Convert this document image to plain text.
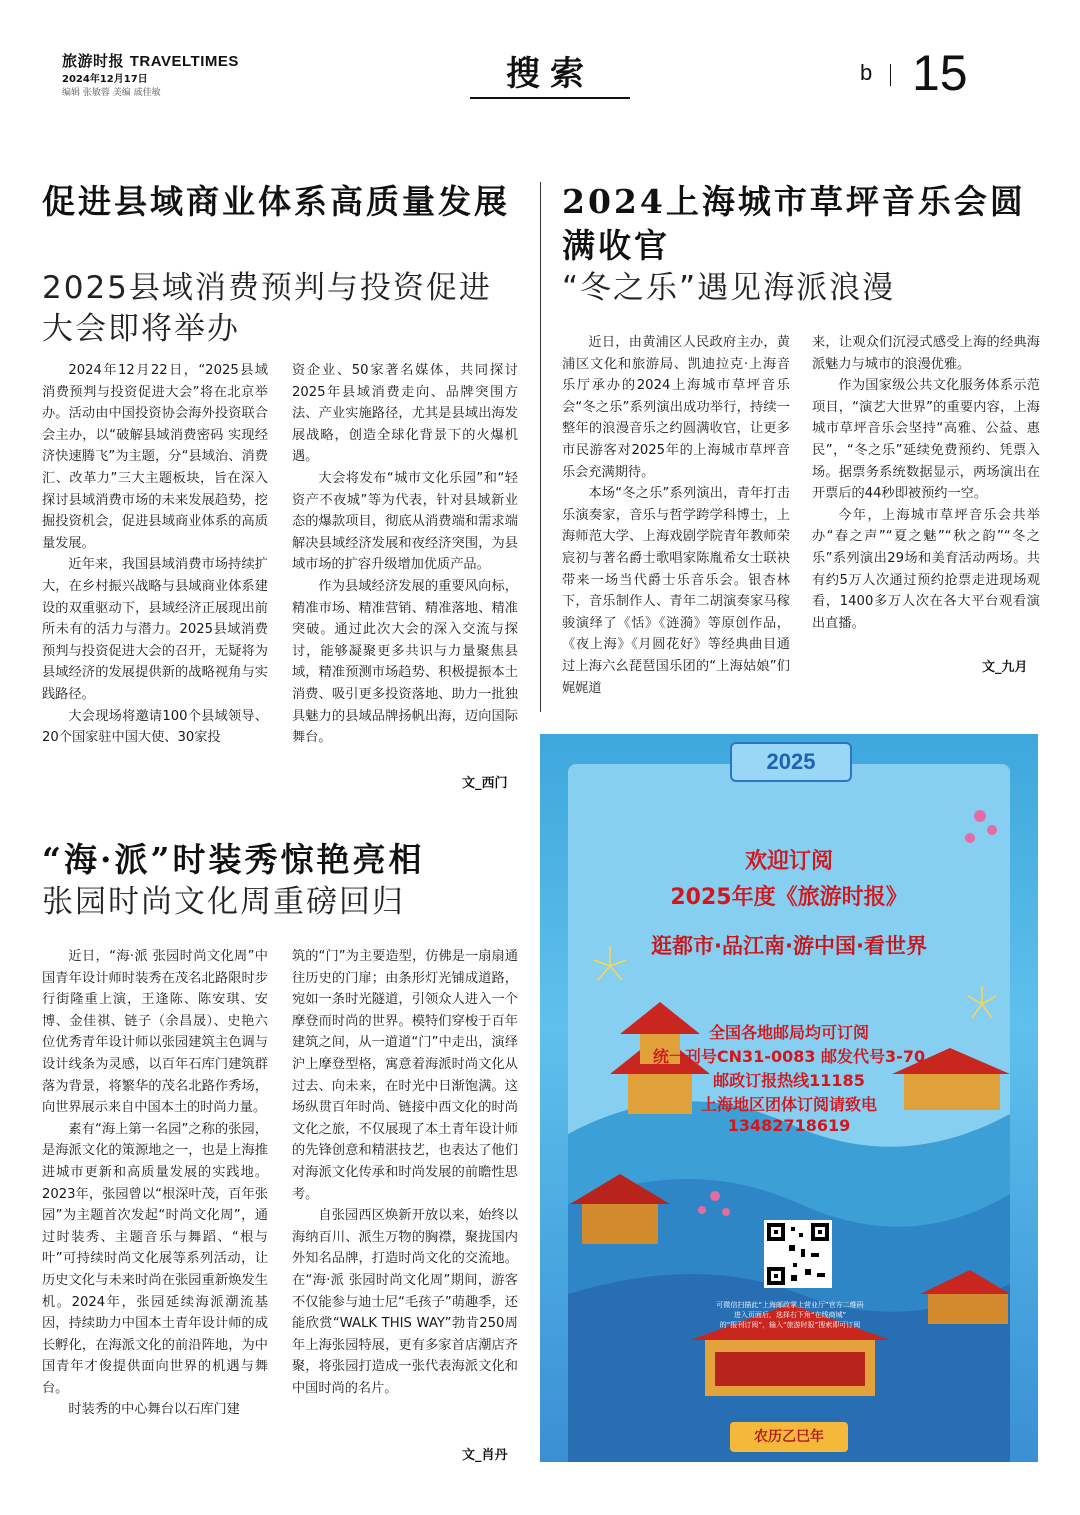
旅游时报 TRAVELTIMES
2024年12月17日
编辑 张敏蓉 美编 戚佳敏	搜索	b 15
促进县域商业体系高质量发展
2025县域消费预判与投资促进大会即将举办

2024年12月22日，“2025县域消费预判与投资促进大会”将在北京举办。活动由中国投资协会海外投资联合会主办，以“破解县域消费密码 实现经济快速腾飞”为主题，分“县域治、消费汇、改革力”三大主题板块，旨在深入探讨县域消费市场的未来发展趋势，挖掘投资机会，促进县域商业体系的高质量发展。

近年来，我国县域消费市场持续扩大，在乡村振兴战略与县域商业体系建设的双重驱动下，县域经济正展现出前所未有的活力与潜力。2025县域消费预判与投资促进大会的召开，无疑将为县域经济的发展提供新的战略视角与实践路径。

大会现场将邀请100个县域领导、20个国家驻中国大使、30家投

资企业、50家著名媒体，共同探讨2025年县域消费走向、品牌突围方法、产业实施路径，尤其是县域出海发展战略，创造全球化背景下的火爆机遇。

大会将发布“城市文化乐园”和“轻资产不夜城”等为代表，针对县域新业态的爆款项目，彻底从消费端和需求端解决县域经济发展和夜经济突围，为县域市场的扩容升级增加优质产品。

作为县域经济发展的重要风向标，精准市场、精准营销、精准落地、精准突破。通过此次大会的深入交流与探讨，能够凝聚更多共识与力量聚焦县域，精准预测市场趋势、积极提振本土消费、吸引更多投资落地、助力一批独具魅力的县域品牌扬帆出海，迈向国际舞台。

文_西门
2024上海城市草坪音乐会圆满收官
“冬之乐”遇见海派浪漫

近日，由黄浦区人民政府主办，黄浦区文化和旅游局、凯迪拉克·上海音乐厅承办的2024上海城市草坪音乐会“冬之乐”系列演出成功举行，持续一整年的浪漫音乐之约圆满收官，让更多市民游客对2025年的上海城市草坪音乐会充满期待。

本场“冬之乐”系列演出，青年打击乐演奏家，音乐与哲学跨学科博士，上海师范大学、上海戏剧学院青年教师荣宸初与著名爵士歌唱家陈胤希女士联袂带来一场当代爵士乐音乐会。银杏林下，音乐制作人、青年二胡演奏家马稼骏演绎了《恬》《涟漪》等原创作品，《夜上海》《月圆花好》等经典曲目通过上海六幺琵琶国乐团的“上海姑娘”们娓娓道

来，让观众们沉浸式感受上海的经典海派魅力与城市的浪漫优雅。

作为国家级公共文化服务体系示范项目，“演艺大世界”的重要内容，上海城市草坪音乐会坚持“高雅、公益、惠民”，“冬之乐”延续免费预约、凭票入场。据票务系统数据显示，两场演出在开票后的44秒即被预约一空。

今年，上海城市草坪音乐会共举办“春之声”“夏之魅”“秋之韵”“冬之乐”系列演出29场和美育活动两场。共有约5万人次通过预约抢票走进现场观看，1400多万人次在各大平台观看演出直播。

文_九月
“海·派”时装秀惊艳亮相
张园时尚文化周重磅回归

近日，“海·派 张园时尚文化周”中国青年设计师时装秀在茂名北路限时步行街隆重上演，王逢陈、陈安琪、安博、金佳祺、链子（余昌晟）、史艳六位优秀青年设计师以张园建筑主色调与设计线条为灵感，以百年石库门建筑群落为背景，将繁华的茂名北路作秀场，向世界展示来自中国本土的时尚力量。

素有“海上第一名园”之称的张园，是海派文化的策源地之一，也是上海推进城市更新和高质量发展的实践地。2023年，张园曾以“根深叶茂，百年张园”为主题首次发起“时尚文化周”，通过时装秀、主题音乐与舞蹈、“根与叶”可持续时尚文化展等系列活动，让历史文化与未来时尚在张园重新焕发生机。2024年，张园延续海派潮流基因，持续助力中国本土青年设计师的成长孵化，在海派文化的前沿阵地，为中国青年才俊提供面向世界的机遇与舞台。

时装秀的中心舞台以石库门建

筑的“门”为主要造型，仿佛是一扇扇通往历史的门扉；由条形灯光铺成道路，宛如一条时光隧道，引领众人进入一个摩登而时尚的世界。模特们穿梭于百年建筑之间，从一道道“门”中走出，演绎沪上摩登型格，寓意着海派时尚文化从过去、向未来，在时光中日渐饱满。这场纵贯百年时尚、链接中西文化的时尚文化之旅，不仅展现了本土青年设计师的先锋创意和精湛技艺，也表达了他们对海派文化传承和时尚发展的前瞻性思考。

自张园西区焕新开放以来，始终以海纳百川、派生万物的胸襟，聚拢国内外知名品牌，打造时尚文化的交流地。在“海·派 张园时尚文化周”期间，游客不仅能参与迪士尼“毛孩子”萌趣季，还能欣赏“WALK THIS WAY”勃肯250周年上海张园特展，更有多家首店潮店齐聚，将张园打造成一张代表海派文化和中国时尚的名片。

文_肖丹
2025
欢迎订阅
2025年度《旅游时报》
逛都市·品江南·游中国·看世界
全国各地邮局均可订阅
统一刊号CN31-0083 邮发代号3-70
邮政订报热线11185
上海地区团体订阅请致电
13482718619
可微信扫描此“上海邮政掌上营业厅”官方二维码
进入页面后，选择右下角“在线商城”
的“报刊订阅”，输入“旅游时报”搜索即可订阅
农历乙巳年
